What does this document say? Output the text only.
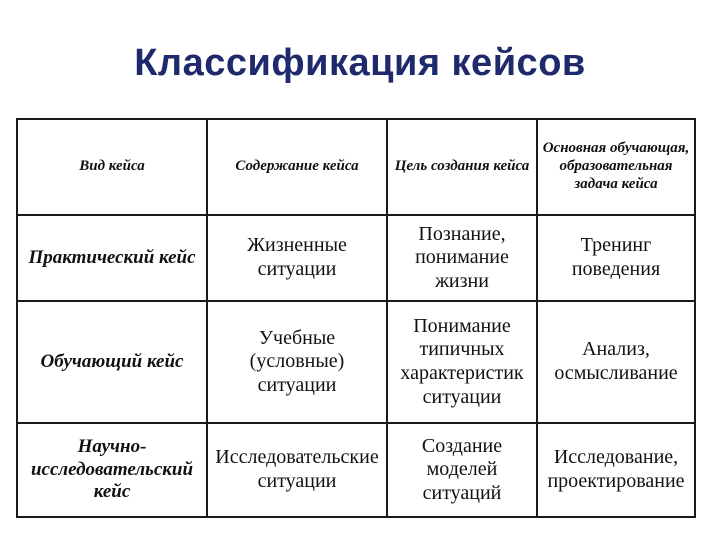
Классификация кейсов
Вид кейса	Содержание кейса	Цель создания кейса	Основная обучающая, образовательная задача кейса
Практический кейс	Жизненные ситуации	Познание, понимание жизни	Тренинг поведения
Обучающий кейс	Учебные (условные) ситуации	Понимание типичных характеристик ситуации	Анализ, осмысливание
Научно-исследовательский кейс	Исследовательские ситуации	Создание моделей ситуаций	Исследование, проектирование
